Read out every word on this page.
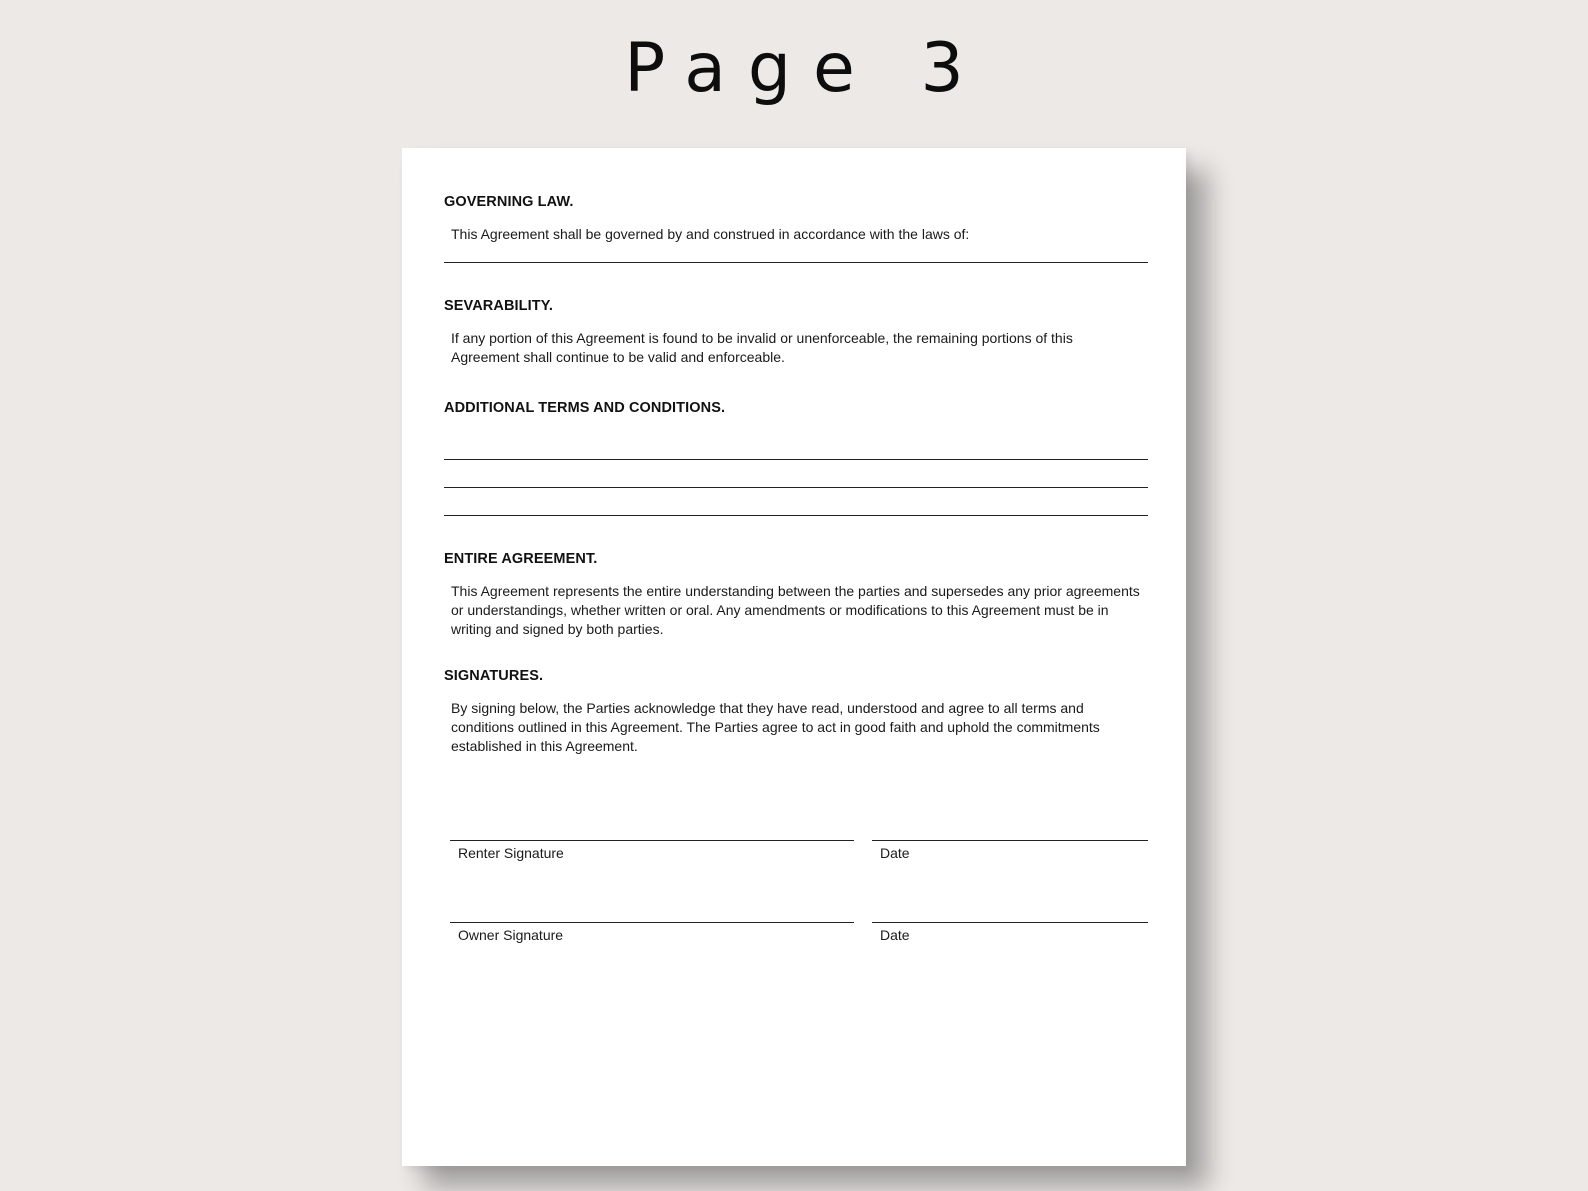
Page 3
GOVERNING LAW.
This Agreement shall be governed by and construed in accordance with the laws of:
SEVARABILITY.
If any portion of this Agreement is found to be invalid or unenforceable, the remaining portions of this Agreement shall continue to be valid and enforceable.
ADDITIONAL TERMS AND CONDITIONS.
ENTIRE AGREEMENT.
This Agreement represents the entire understanding between the parties and supersedes any prior agreements or understandings, whether written or oral. Any amendments or modifications to this Agreement must be in writing and signed by both parties.
SIGNATURES.
By signing below, the Parties acknowledge that they have read, understood and agree to all terms and conditions outlined in this Agreement. The Parties agree to act in good faith and uphold the commitments established in this Agreement.
Renter Signature	Date
Owner Signature	Date
